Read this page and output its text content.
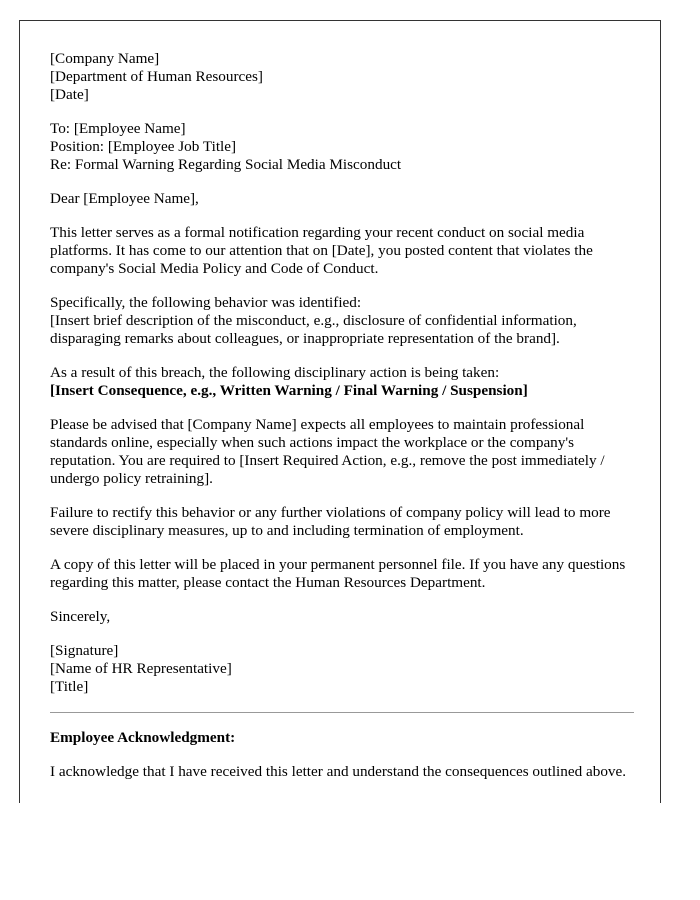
[Company Name]
[Department of Human Resources]
[Date]
To: [Employee Name]
Position: [Employee Job Title]
Re: Formal Warning Regarding Social Media Misconduct

Dear [Employee Name],

This letter serves as a formal notification regarding your recent conduct on social media platforms. It has come to our attention that on [Date], you posted content that violates the company's Social Media Policy and Code of Conduct.

Specifically, the following behavior was identified:
[Insert brief description of the misconduct, e.g., disclosure of confidential information, disparaging remarks about colleagues, or inappropriate representation of the brand].

As a result of this breach, the following disciplinary action is being taken:
[Insert Consequence, e.g., Written Warning / Final Warning / Suspension]

Please be advised that [Company Name] expects all employees to maintain professional standards online, especially when such actions impact the workplace or the company's reputation. You are required to [Insert Required Action, e.g., remove the post immediately / undergo policy retraining].

Failure to rectify this behavior or any further violations of company policy will lead to more severe disciplinary measures, up to and including termination of employment.

A copy of this letter will be placed in your permanent personnel file. If you have any questions regarding this matter, please contact the Human Resources Department.

Sincerely,

[Signature]
[Name of HR Representative]
[Title]

Employee Acknowledgment:

I acknowledge that I have received this letter and understand the consequences outlined above.
